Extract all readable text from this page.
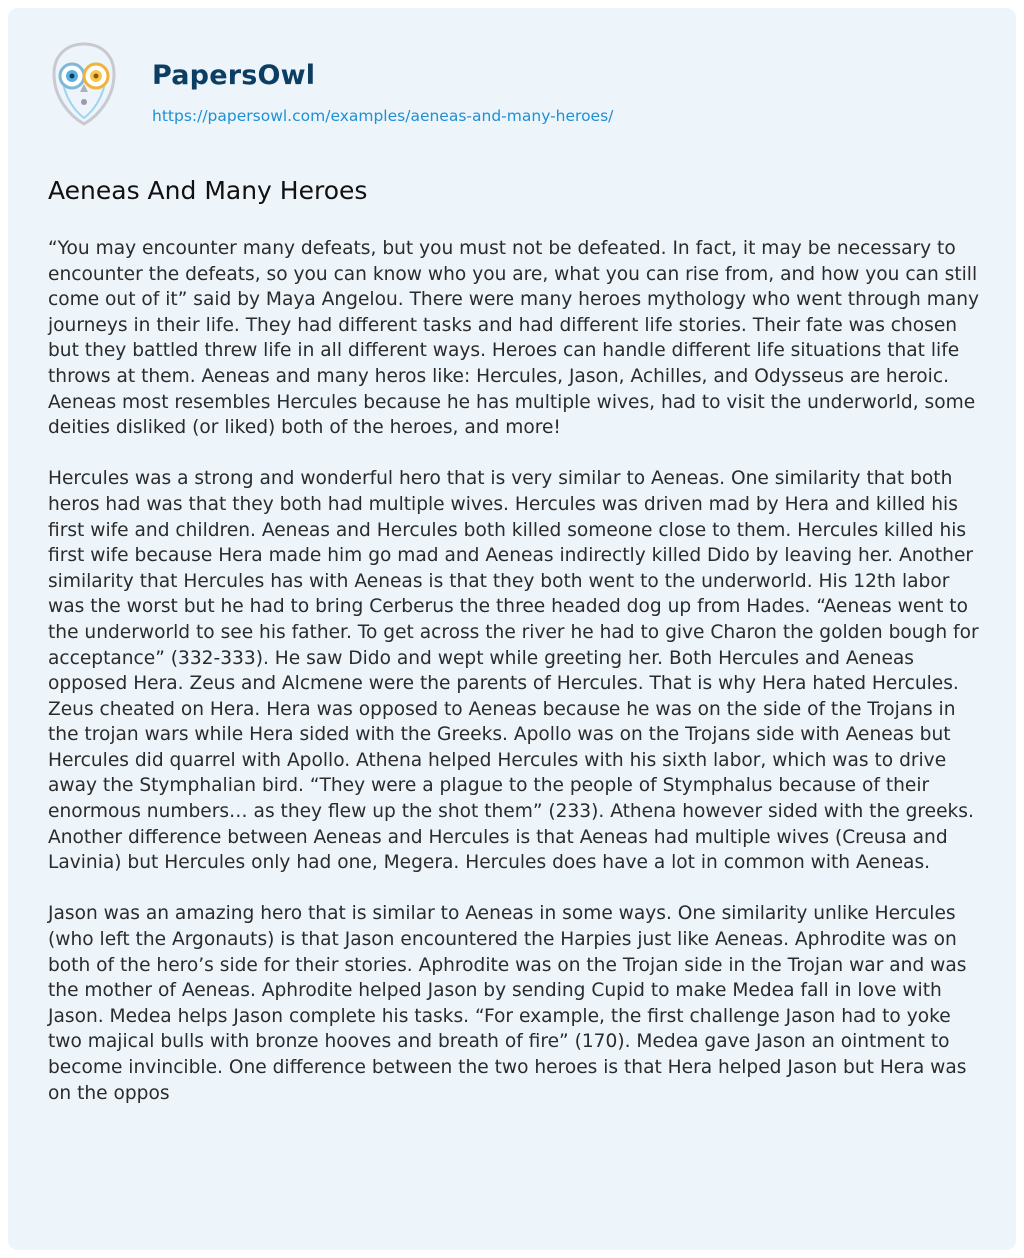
PapersOwl
https://papersowl.com/examples/aeneas-and-many-heroes/
Aeneas And Many Heroes

“You may encounter many defeats, but you must not be defeated. In fact, it may be necessary to encounter the defeats, so you can know who you are, what you can rise from, and how you can still come out of it” said by Maya Angelou. There were many heroes mythology who went through many journeys in their life. They had different tasks and had different life stories. Their fate was chosen but they battled threw life in all different ways. Heroes can handle different life situations that life throws at them. Aeneas and many heros like: Hercules, Jason, Achilles, and Odysseus are heroic. Aeneas most resembles Hercules because he has multiple wives, had to visit the underworld, some deities disliked (or liked) both of the heroes, and more!

Hercules was a strong and wonderful hero that is very similar to Aeneas. One similarity that both heros had was that they both had multiple wives. Hercules was driven mad by Hera and killed his first wife and children. Aeneas and Hercules both killed someone close to them. Hercules killed his first wife because Hera made him go mad and Aeneas indirectly killed Dido by leaving her. Another similarity that Hercules has with Aeneas is that they both went to the underworld. His 12th labor was the worst but he had to bring Cerberus the three headed dog up from Hades. “Aeneas went to the underworld to see his father. To get across the river he had to give Charon the golden bough for acceptance” (332-333). He saw Dido and wept while greeting her. Both Hercules and Aeneas opposed Hera. Zeus and Alcmene were the parents of Hercules. That is why Hera hated Hercules. Zeus cheated on Hera. Hera was opposed to Aeneas because he was on the side of the Trojans in the trojan wars while Hera sided with the Greeks. Apollo was on the Trojans side with Aeneas but Hercules did quarrel with Apollo. Athena helped Hercules with his sixth labor, which was to drive away the Stymphalian bird. “They were a plague to the people of Stymphalus because of their enormous numbers… as they flew up the shot them” (233). Athena however sided with the greeks. Another difference between Aeneas and Hercules is that Aeneas had multiple wives (Creusa and Lavinia) but Hercules only had one, Megera. Hercules does have a lot in common with Aeneas.

Jason was an amazing hero that is similar to Aeneas in some ways. One similarity unlike Hercules (who left the Argonauts) is that Jason encountered the Harpies just like Aeneas. Aphrodite was on both of the hero’s side for their stories. Aphrodite was on the Trojan side in the Trojan war and was the mother of Aeneas. Aphrodite helped Jason by sending Cupid to make Medea fall in love with Jason. Medea helps Jason complete his tasks. “For example, the first challenge Jason had to yoke two majical bulls with bronze hooves and breath of fire” (170). Medea gave Jason an ointment to become invincible. One difference between the two heroes is that Hera helped Jason but Hera was on the oppos
